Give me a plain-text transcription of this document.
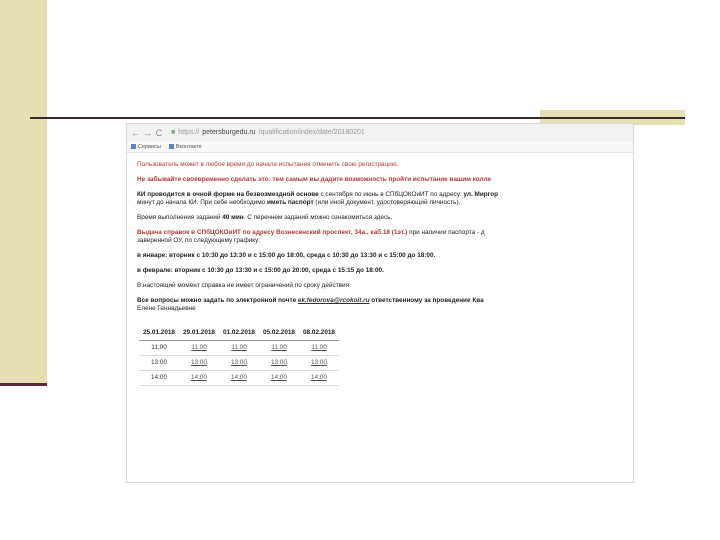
← → C ■ https:// petersburgedu.ru /qualification/index/date/20180201
Сервисы	Вконтакте
·

Пользователь может в любое время до начала испытания отменить свою регистрацию.

Не забывайте своевременно сделать это: тем самым вы дадите возможность пройти испытание вашим колле

КИ проводится в очной форме на безвозмездной основе с сентября по июнь в СПбЦОКОиИТ по адресу: ул. Миргор
минут до начала КИ. При себе необходимо иметь паспорт (или иной документ, удостоверяющий личность).

Время выполнения заданий 40 мин. С перечнем заданий можно ознакомиться здесь.

Выдача справок в СПбЦОКОиИТ по адресу Вознесенский проспект, 34а., каб.18 (1эт.) при наличии паспорта - д
заверенной ОУ, по следующему графику:

в январе: вторник с 10:30 до 13:30 и с 15:00 до 18:00, среда с 10:30 до 13:30 и с 15:00 до 18:00.

в феврале: вторник с 10:30 до 13:30 и с 15:00 до 20:00, среда с 15:15 до 18:00.

В настоящий момент справка не имеет ограничений по сроку действия

Все вопросы можно задать по электронной почте ek.fedorova@rcokoit.ru ответственному за проведение Ква
Елене Геннадьевне

25.01.2018	29.01.2018	01.02.2018	05.02.2018	08.02.2018
11:00	11:00	11:00	11:00	11:00
13:00	13:00	13:00	13:00	13:00
14:00	14:00	14:00	14:00	14:00
